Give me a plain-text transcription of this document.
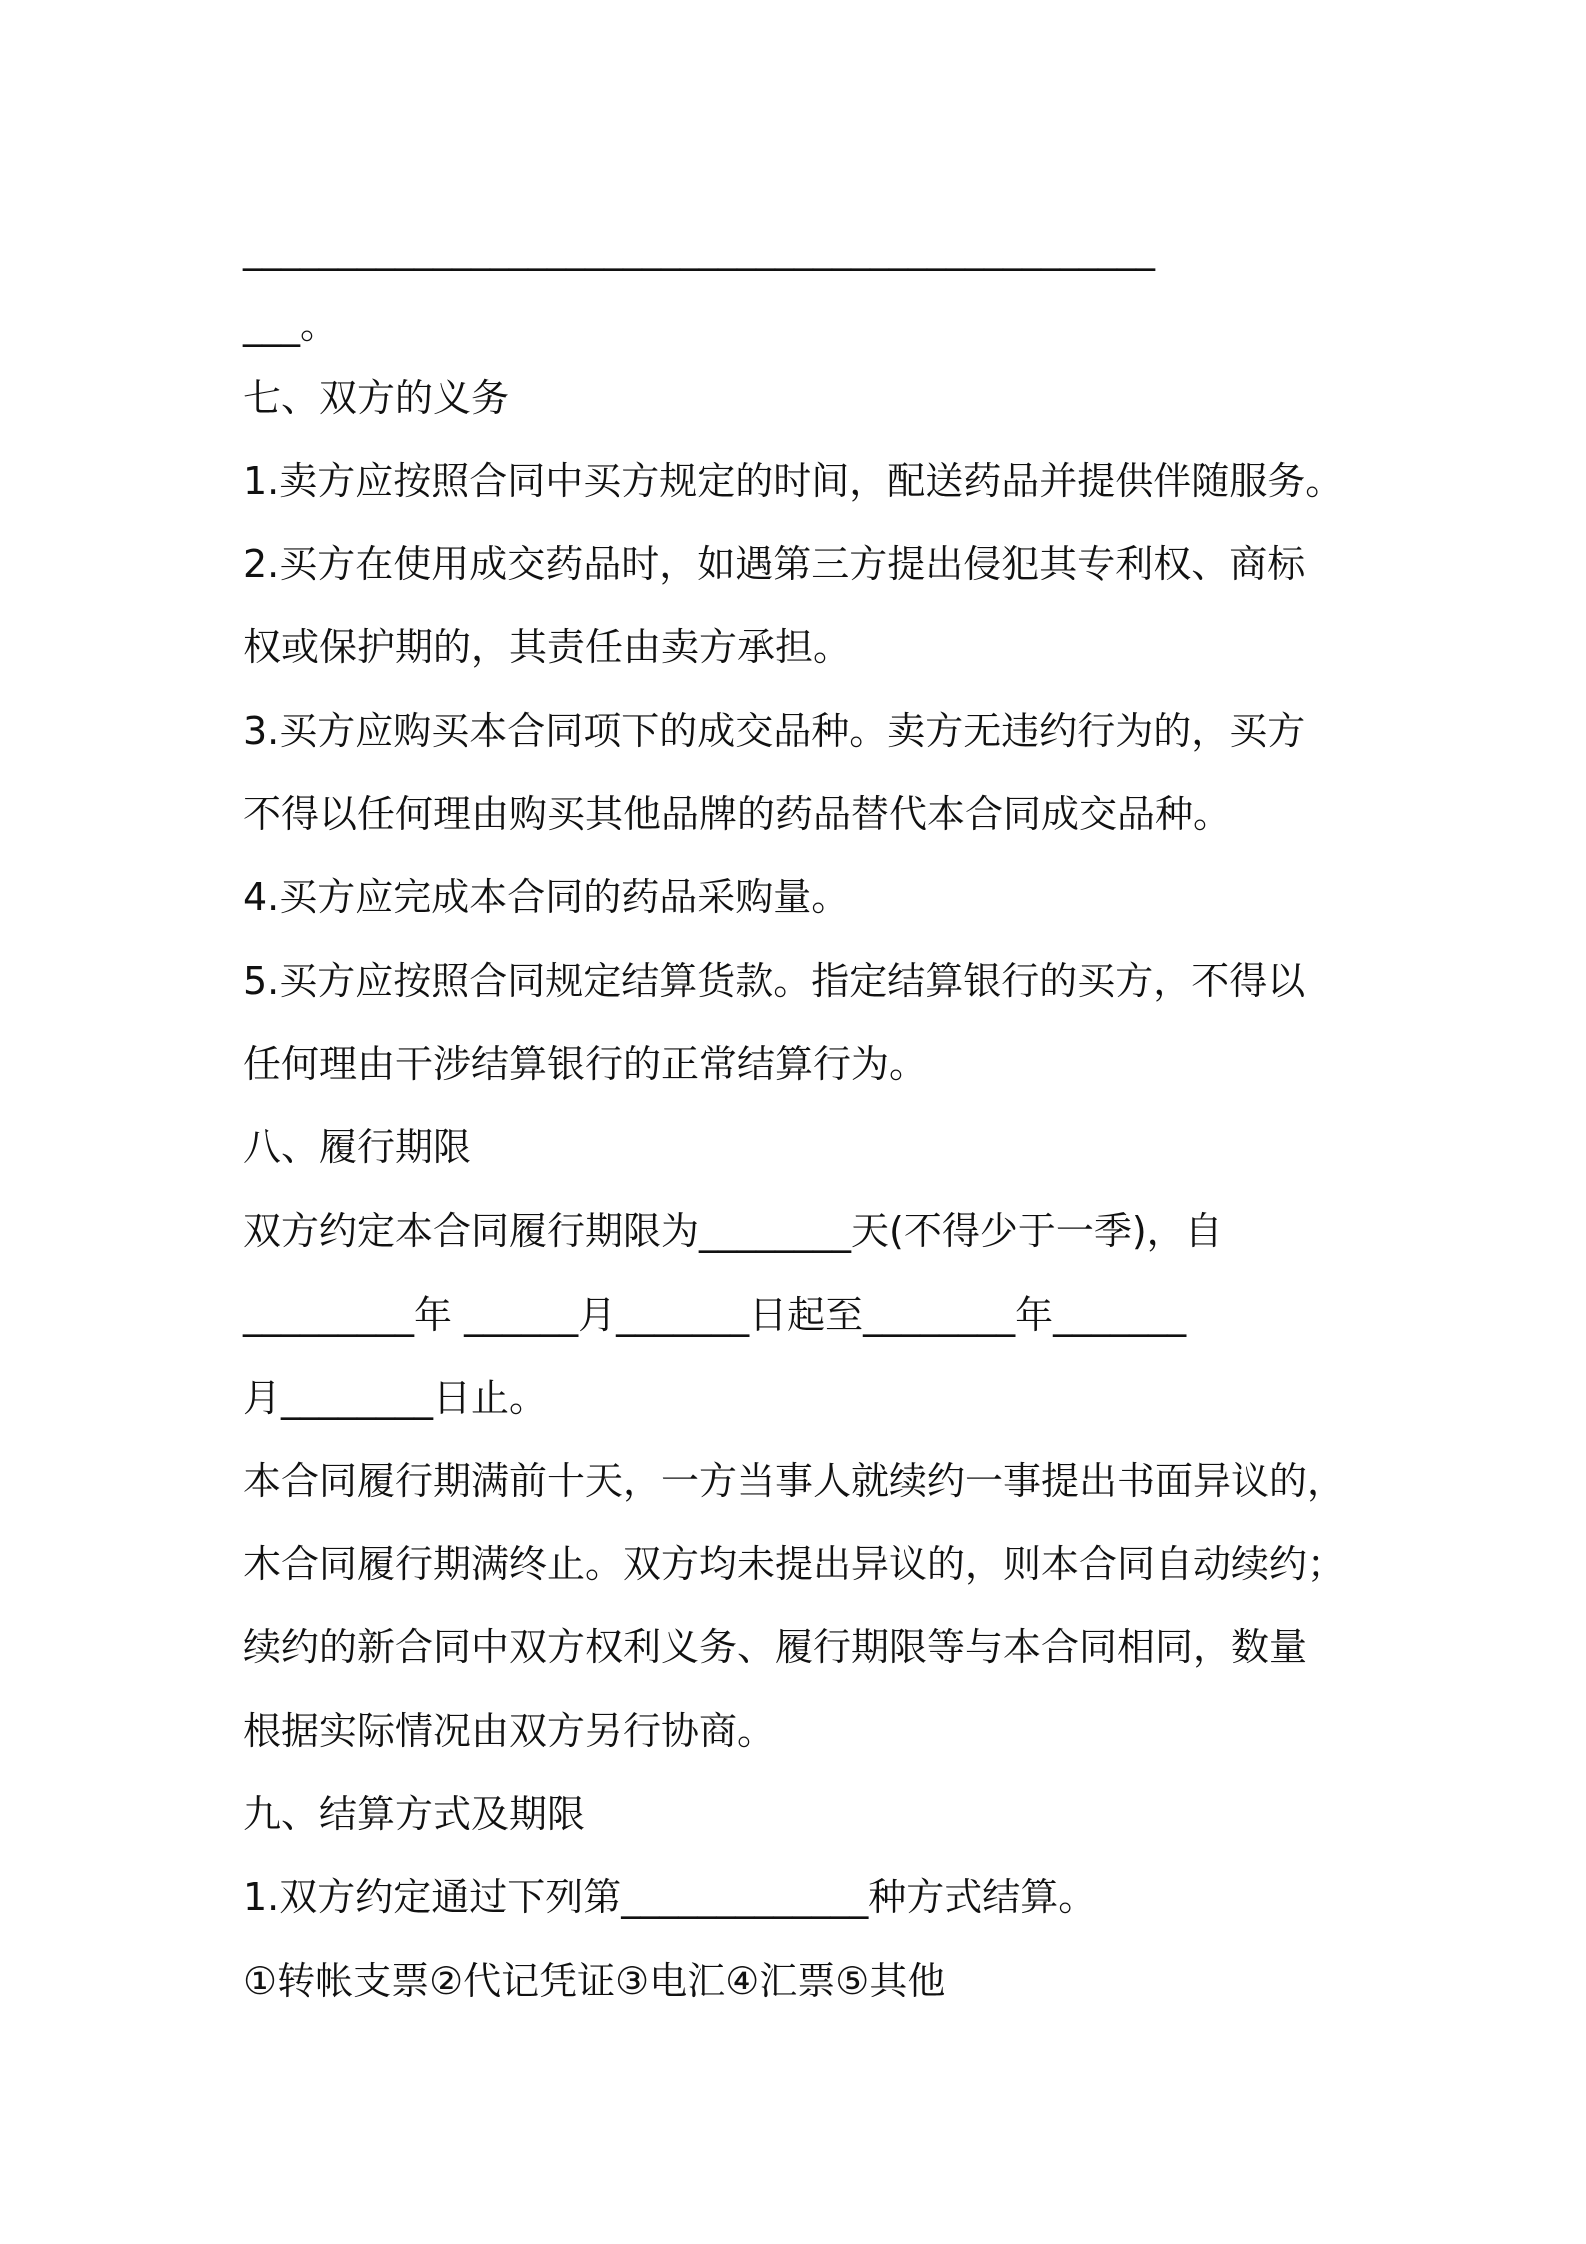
________________________________________________
___。
七、双方的义务
1.卖方应按照合同中买方规定的时间，配送药品并提供伴随服务。
2.买方在使用成交药品时，如遇第三方提出侵犯其专利权、商标
权或保护期的，其责任由卖方承担。
3.买方应购买本合同项下的成交品种。卖方无违约行为的，买方
不得以任何理由购买其他品牌的药品替代本合同成交品种。
4.买方应完成本合同的药品采购量。
5.买方应按照合同规定结算货款。指定结算银行的买方，不得以
任何理由干涉结算银行的正常结算行为。
八、履行期限
双方约定本合同履行期限为________天(不得少于一季)，自
_________年 ______月_______日起至________年_______
月________日止。
本合同履行期满前十天，一方当事人就续约一事提出书面异议的，
木合同履行期满终止。双方均未提出异议的，则本合同自动续约；
续约的新合同中双方权利义务、履行期限等与本合同相同，数量
根据实际情况由双方另行协商。
九、结算方式及期限
1.双方约定通过下列第_____________种方式结算。
①转帐支票②代记凭证③电汇④汇票⑤其他
